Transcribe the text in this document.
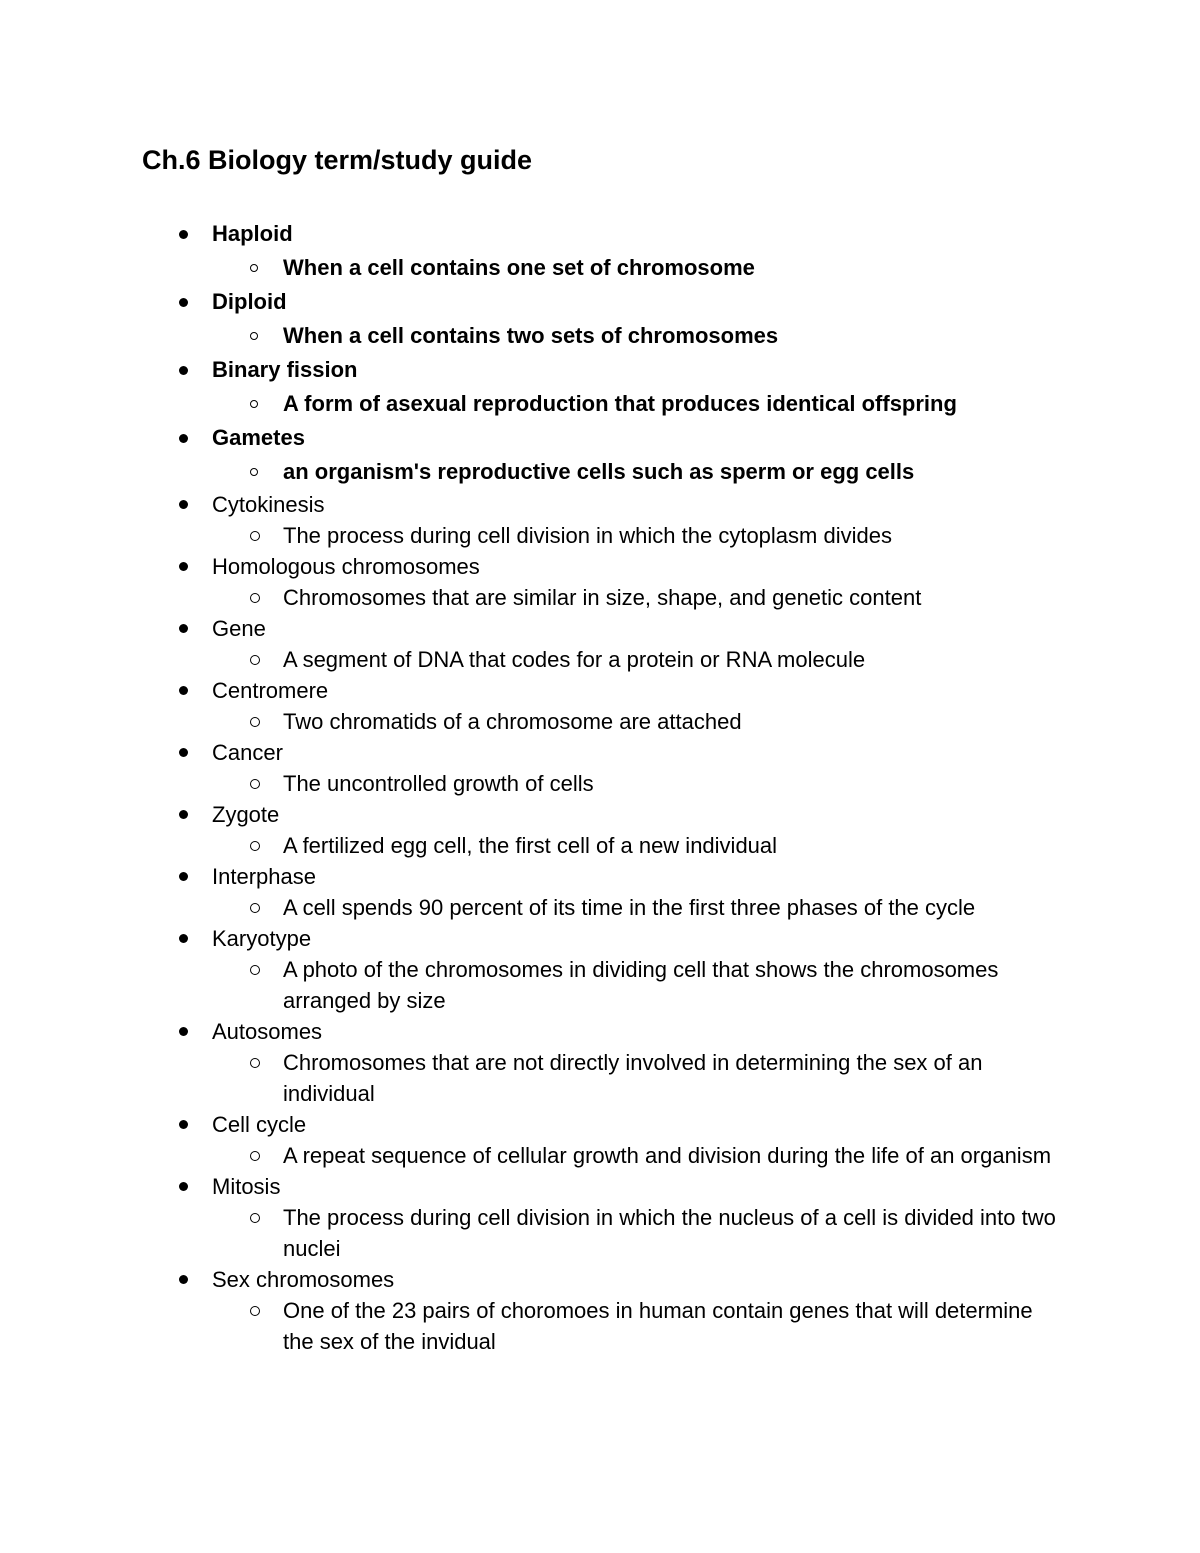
Ch.6 Biology term/study guide
Haploid
When a cell contains one set of chromosome
Diploid
When a cell contains two sets of chromosomes
Binary fission
A form of asexual reproduction that produces identical offspring
Gametes
an organism's reproductive cells such as sperm or egg cells
Cytokinesis
The process during cell division in which the cytoplasm divides
Homologous chromosomes
Chromosomes that are similar in size, shape, and genetic content
Gene
A segment of DNA that codes for a protein or RNA molecule
Centromere
Two chromatids of a chromosome are attached
Cancer
The uncontrolled growth of cells
Zygote
A fertilized egg cell, the first cell of a new individual
Interphase
A cell spends 90 percent of its time in the first three phases of the cycle
Karyotype
A photo of the chromosomes in dividing cell that shows the chromosomes arranged by size
Autosomes
Chromosomes that are not directly involved in determining the sex of an individual
Cell cycle
A repeat sequence of cellular growth and division during the life of an organism
Mitosis
The process during cell division in which the nucleus of a cell is divided into two nuclei
Sex chromosomes
One of the 23 pairs of choromoes in human contain genes that will determine the sex of the invidual
